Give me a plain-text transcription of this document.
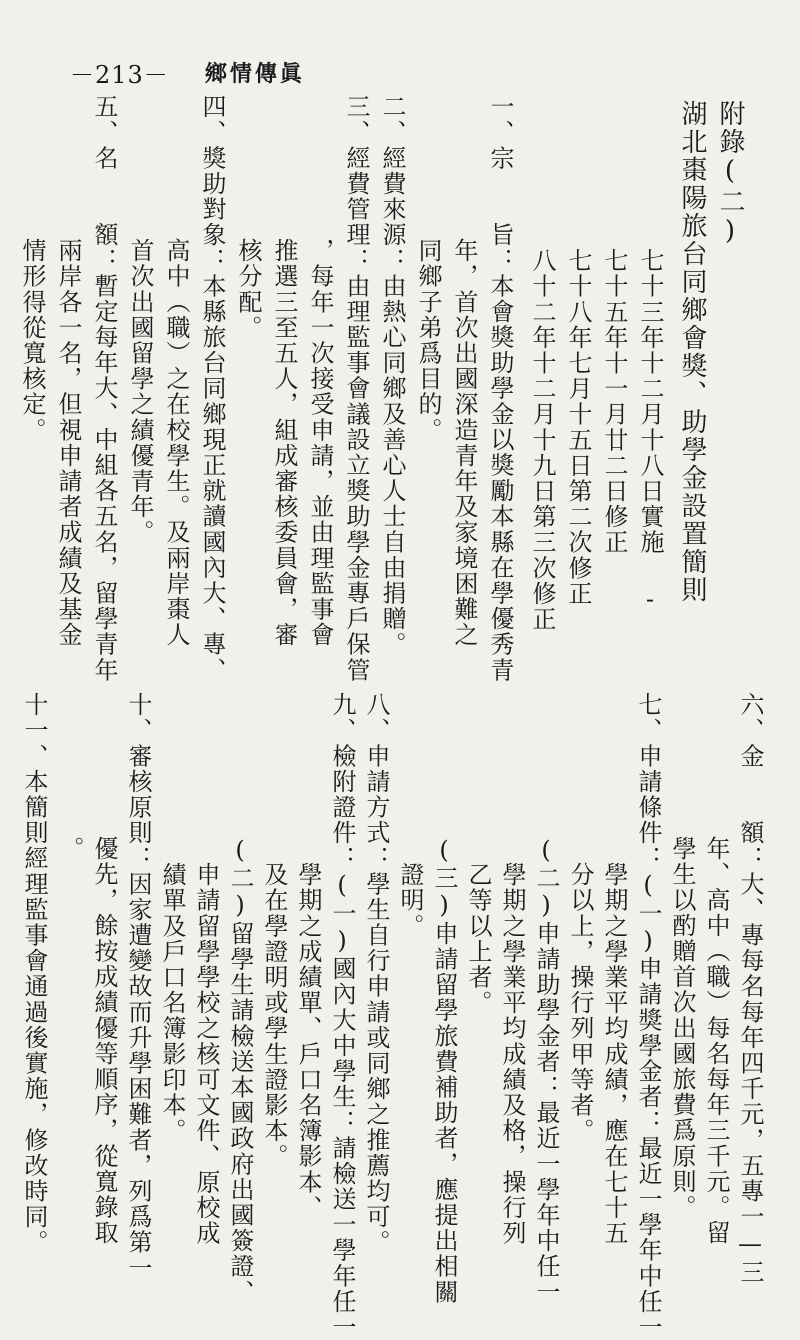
－213－ 鄉情傳眞
附錄(二)
湖北棗陽旅台同鄉會獎、助學金設置簡則
七十三年十二月十八日實施 -
七十五年十一月廿二日修正
七十八年七月十五日第二次修正
八十二年十二月十九日第三次修正
一、宗　　旨：本會獎助學金以獎勵本縣在學優秀青
年，首次出國深造青年及家境困難之
同鄉子弟爲目的。
二、經費來源：由熱心同鄉及善心人士自由捐贈。
三、經費管理：由理監事會議設立獎助學金專戶保管
，每年一次接受申請，並由理監事會
推選三至五人，組成審核委員會，審
核分配。
四、獎助對象：本縣旅台同鄉現正就讀國內大、專、
高中（職）之在校學生。及兩岸棗人
首次出國留學之績優青年。
五、名　　額：暫定每年大、中組各五名，留學青年
兩岸各一名，但視申請者成績及基金
情形得從寬核定。
六、金　　額：大、專每名每年四千元，五專一—三
年、高中（職）每名每年三千元。留
學生以酌贈首次出國旅費爲原則。
七、申請條件：(一)申請獎學金者：最近一學年中任一
學期之學業平均成績，應在七十五
分以上，操行列甲等者。
(二)申請助學金者：最近一學年中任一
學期之學業平均成績及格，操行列
乙等以上者。
(三)申請留學旅費補助者，應提出相關
證明。
八、申請方式：學生自行申請或同鄉之推薦均可。
九、檢附證件：(一)國內大中學生：請檢送一學年任一
學期之成績單、戶口名簿影本、
及在學證明或學生證影本。
(二)留學生請檢送本國政府出國簽證、
申請留學學校之核可文件、原校成
績單及戶口名簿影印本。
十、審核原則：因家遭變故而升學困難者，列爲第一
優先，餘按成績優等順序，從寬錄取
。
十一、本簡則經理監事會通過後實施，修改時同。
